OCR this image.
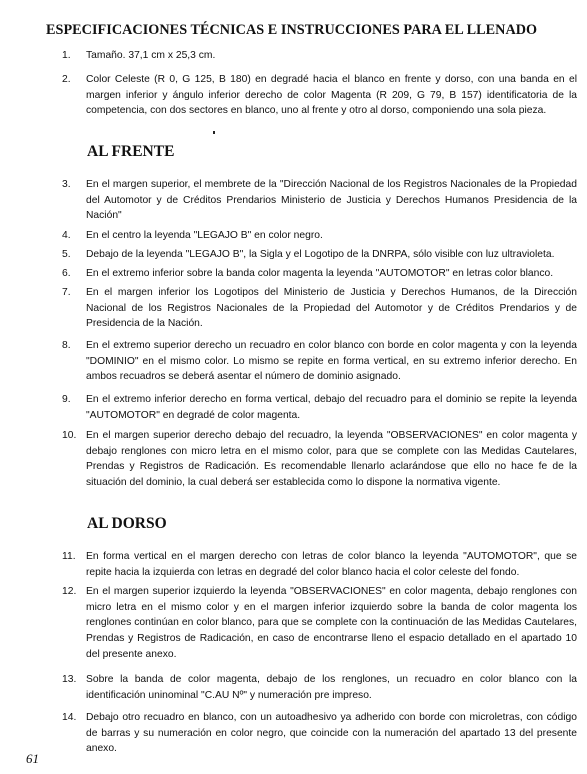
ESPECIFICACIONES TÉCNICAS E INSTRUCCIONES PARA EL LLENADO
1.	Tamaño. 37,1 cm x 25,3 cm.
2.	Color Celeste (R 0, G 125, B 180) en degradé hacia el blanco en frente y dorso, con una banda en el margen inferior y ángulo inferior derecho de color Magenta (R 209, G 79, B 157) identificatoria de la competencia, con dos sectores en blanco, uno al frente y otro al dorso, componiendo una sola pieza.
AL FRENTE
3.	En el margen superior, el membrete de la "Dirección Nacional de los Registros Nacionales de la Propiedad del Automotor y de Créditos Prendarios Ministerio de Justicia y Derechos Humanos Presidencia de la Nación"
4.	En el centro la leyenda "LEGAJO B" en color negro.
5.	Debajo de la leyenda "LEGAJO B", la Sigla y el Logotipo de la DNRPA, sólo visible con luz ultravioleta.
6.	En el extremo inferior sobre la banda color magenta la leyenda "AUTOMOTOR" en letras color blanco.
7.	En el margen inferior los Logotipos del Ministerio de Justicia y Derechos Humanos, de la Dirección Nacional de los Registros Nacionales de la Propiedad del Automotor y de Créditos Prendarios y de Presidencia de la Nación.
8.	En el extremo superior derecho un recuadro en color blanco con borde en color magenta y con la leyenda "DOMINIO" en el mismo color. Lo mismo se repite en forma vertical, en su extremo inferior derecho. En ambos recuadros se deberá asentar el número de dominio asignado.
9.	En el extremo inferior derecho en forma vertical, debajo del recuadro para el dominio se repite la leyenda "AUTOMOTOR" en degradé de color magenta.
10. En el margen superior derecho debajo del recuadro, la leyenda "OBSERVACIONES" en color magenta y debajo renglones con micro letra en el mismo color, para que se complete con las Medidas Cautelares, Prendas y Registros de Radicación. Es recomendable llenarlo aclarándose que ello no hace fe de la situación del dominio, la cual deberá ser establecida como lo dispone la normativa vigente.
AL DORSO
11.	En forma vertical en el margen derecho con letras de color blanco la leyenda "AUTOMOTOR", que se repite hacia la izquierda con letras en degradé del color blanco hacia el color celeste del fondo.
12. En el margen superior izquierdo la leyenda "OBSERVACIONES" en color magenta, debajo renglones con micro letra en el mismo color y en el margen inferior izquierdo sobre la banda de color magenta los renglones continúan en color blanco, para que se complete con la continuación de las Medidas Cautelares, Prendas y Registros de Radicación, en caso de encontrarse lleno el espacio detallado en el apartado 10 del presente anexo.
13. Sobre la banda de color magenta, debajo de los renglones, un recuadro en color blanco con la identificación uninominal "C.AU Nº" y numeración pre impreso.
14. Debajo otro recuadro en blanco, con un autoadhesivo ya adherido con borde con microletras, con código de barras y su numeración en color negro, que coincide con la numeración del apartado 13 del presente anexo.
61
